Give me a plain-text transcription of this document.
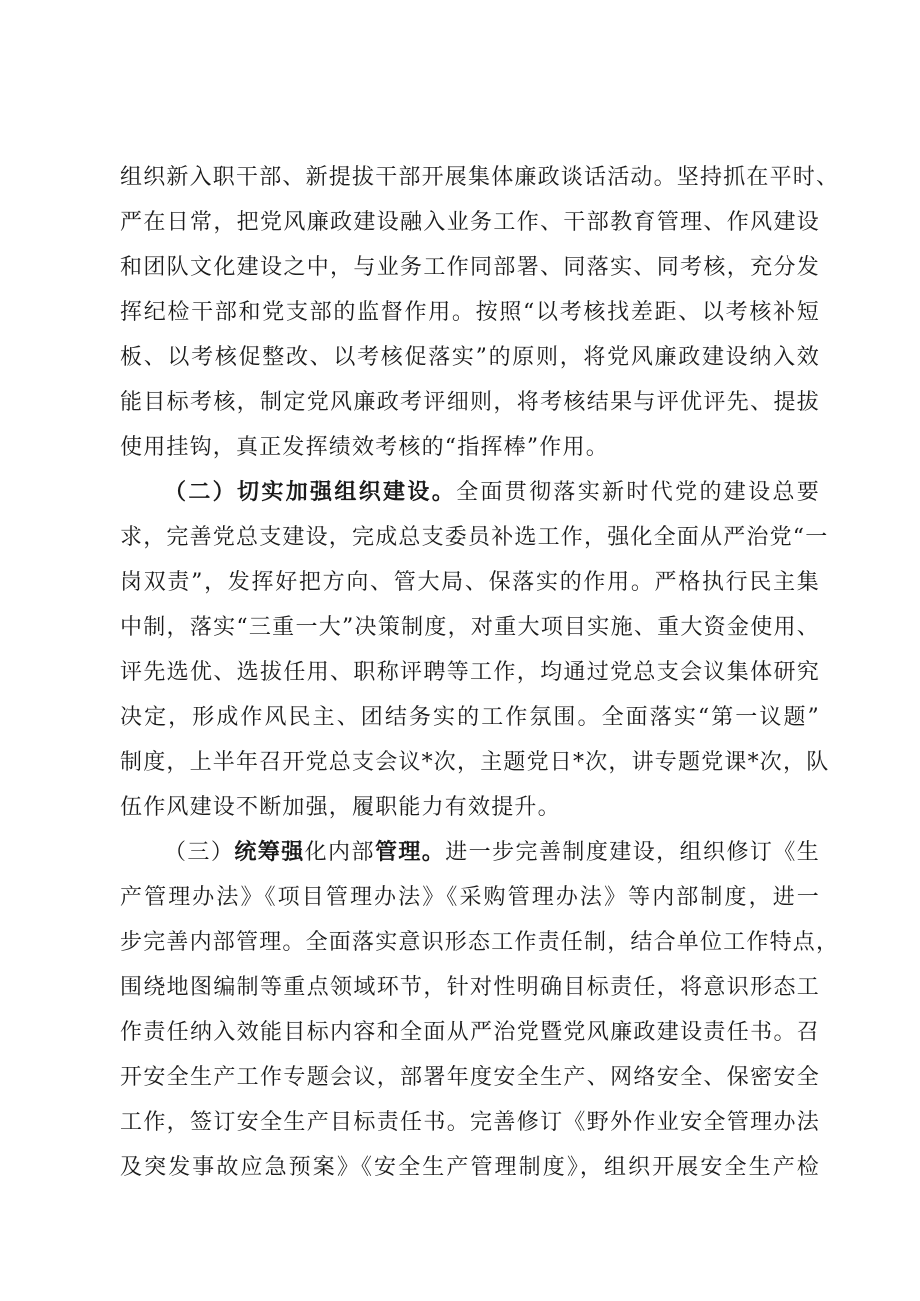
组织新入职干部、新提拔干部开展集体廉政谈话活动。坚持抓在平时、
严在日常，把党风廉政建设融入业务工作、干部教育管理、作风建设
和团队文化建设之中，与业务工作同部署、同落实、同考核，充分发
挥纪检干部和党支部的监督作用。按照“以考核找差距、以考核补短
板、以考核促整改、以考核促落实”的原则，将党风廉政建设纳入效
能目标考核，制定党风廉政考评细则，将考核结果与评优评先、提拔
使用挂钩，真正发挥绩效考核的“指挥棒”作用。
（二）切实加强组织建设。全面贯彻落实新时代党的建设总要
求，完善党总支建设，完成总支委员补选工作，强化全面从严治党“一
岗双责”，发挥好把方向、管大局、保落实的作用。严格执行民主集
中制，落实“三重一大”决策制度，对重大项目实施、重大资金使用、
评先选优、选拔任用、职称评聘等工作，均通过党总支会议集体研究
决定，形成作风民主、团结务实的工作氛围。全面落实“第一议题”
制度，上半年召开党总支会议*次，主题党日*次，讲专题党课*次，队
伍作风建设不断加强，履职能力有效提升。
（三）统筹强化内部管理。进一步完善制度建设，组织修订《生
产管理办法》《项目管理办法》《采购管理办法》等内部制度，进一
步完善内部管理。全面落实意识形态工作责任制，结合单位工作特点，
围绕地图编制等重点领域环节，针对性明确目标责任，将意识形态工
作责任纳入效能目标内容和全面从严治党暨党风廉政建设责任书。召
开安全生产工作专题会议，部署年度安全生产、网络安全、保密安全
工作，签订安全生产目标责任书。完善修订《野外作业安全管理办法
及突发事故应急预案》《安全生产管理制度》，组织开展安全生产检
